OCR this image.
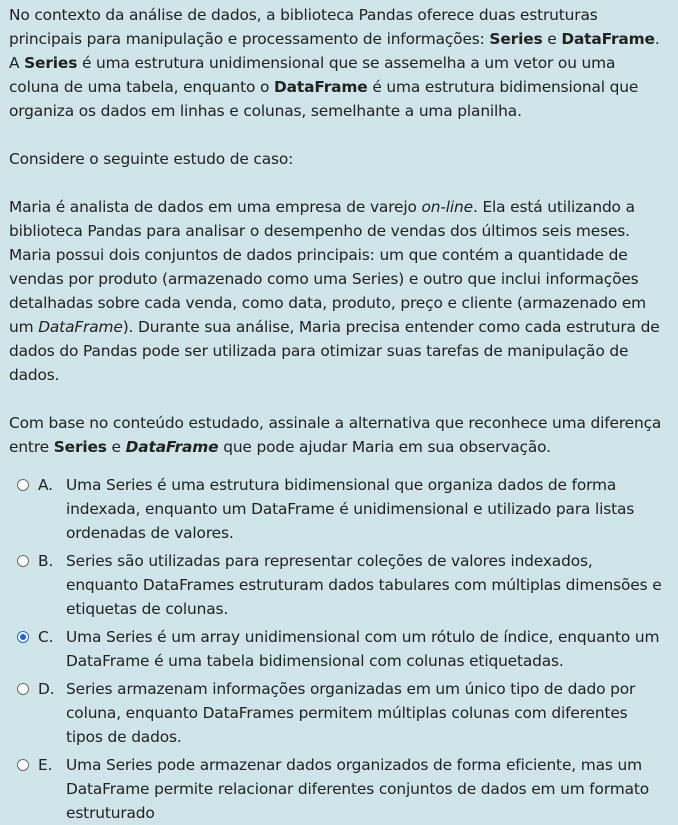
No contexto da análise de dados, a biblioteca Pandas oferece duas estruturas principais para manipulação e processamento de informações: Series e DataFrame. A Series é uma estrutura unidimensional que se assemelha a um vetor ou uma coluna de uma tabela, enquanto o DataFrame é uma estrutura bidimensional que organiza os dados em linhas e colunas, semelhante a uma planilha.

Considere o seguinte estudo de caso:

Maria é analista de dados em uma empresa de varejo on-line. Ela está utilizando a biblioteca Pandas para analisar o desempenho de vendas dos últimos seis meses. Maria possui dois conjuntos de dados principais: um que contém a quantidade de vendas por produto (armazenado como uma Series) e outro que inclui informações detalhadas sobre cada venda, como data, produto, preço e cliente (armazenado em um DataFrame). Durante sua análise, Maria precisa entender como cada estrutura de dados do Pandas pode ser utilizada para otimizar suas tarefas de manipulação de dados.

Com base no conteúdo estudado, assinale a alternativa que reconhece uma diferença entre Series e DataFrame que pode ajudar Maria em sua observação.

A. Uma Series é uma estrutura bidimensional que organiza dados de forma indexada, enquanto um DataFrame é unidimensional e utilizado para listas ordenadas de valores.
B. Series são utilizadas para representar coleções de valores indexados, enquanto DataFrames estruturam dados tabulares com múltiplas dimensões e etiquetas de colunas.
C. Uma Series é um array unidimensional com um rótulo de índice, enquanto um DataFrame é uma tabela bidimensional com colunas etiquetadas.
D. Series armazenam informações organizadas em um único tipo de dado por coluna, enquanto DataFrames permitem múltiplas colunas com diferentes tipos de dados.
E. Uma Series pode armazenar dados organizados de forma eficiente, mas um DataFrame permite relacionar diferentes conjuntos de dados em um formato estruturado
